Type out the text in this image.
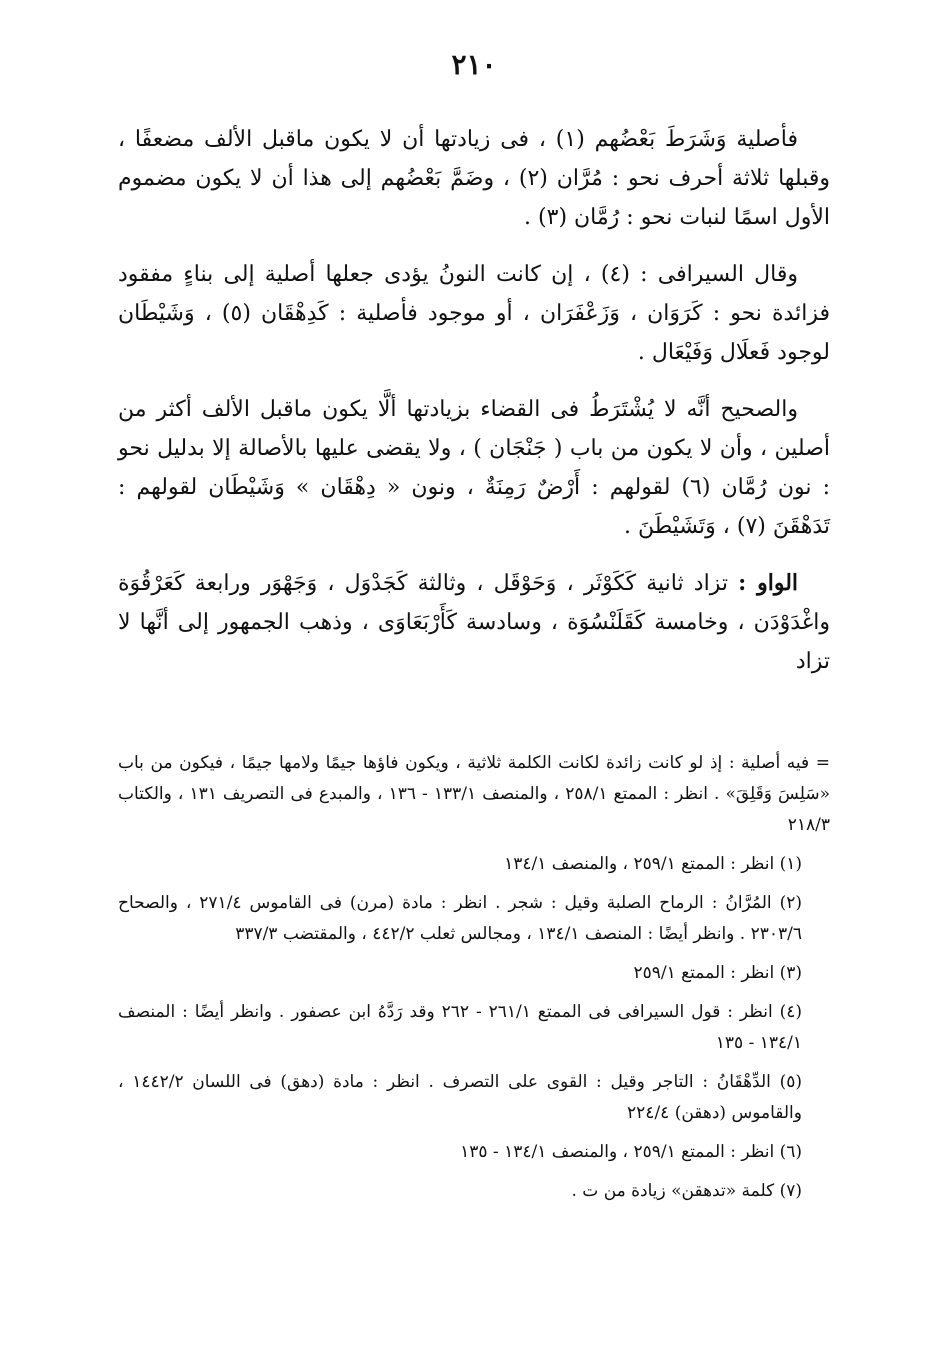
٢١٠

فأصلية وَشَرَطَ بَعْضُهم (١) ، فى زيادتها أن لا يكون ماقبل الألف مضعفًا ، وقبلها ثلاثة أحرف نحو : مُرَّان (٢) ، وضَمَّ بَعْضُهم إلى هذا أن لا يكون مضموم الأول اسمًا لنبات نحو : رُمَّان (٣) .

وقال السيرافى : (٤) ، إن كانت النونُ يؤدى جعلها أصلية إلى بناءٍ مفقود فزائدة نحو : كَرَوَان ، وَزَعْفَرَان ، أو موجود فأصلية : كَدِهْقَان (٥) ، وَشَيْطَان لوجود فَعلَال وَفَيْعَال .

والصحيح أنَّه لا يُشْتَرَطُ فى القضاء بزيادتها ألَّا يكون ماقبل الألف أكثر من أصلين ، وأن لا يكون من باب ( جَنْجَان ) ، ولا يقضى عليها بالأصالة إلا بدليل نحو : نون رُمَّان (٦) لقولهم : أَرْضٌ رَمِنَةٌ ، ونون « دِهْقَان » وَشَيْطَان لقولهم : تَدَهْقَنَ (٧) ، وَتَشَيْطَنَ .

الواو : تزاد ثانية كَكَوْثَر ، وَحَوْقَل ، وثالثة كَجَدْوَل ، وَجَهْوَر ورابعة كَعَرْقُوَة واغْدَوْدَن ، وخامسة كَقَلَنْسُوَة ، وسادسة كَأَرْبَعَاوَى ، وذهب الجمهور إلى أنَّها لا تزاد

= فيه أصلية : إذ لو كانت زائدة لكانت الكلمة ثلاثية ، ويكون فاؤها جيمًا ولامها جيمًا ، فيكون من باب «سَلِسَ وَقَلِقَ» . انظر : الممتع ٢٥٨/١ ، والمنصف ١٣٣/١ - ١٣٦ ، والمبدع فى التصريف ١٣١ ، والكتاب ٢١٨/٣

(١) انظر : الممتع ٢٥٩/١ ، والمنصف ١٣٤/١

(٢) المُرَّانُ : الرماح الصلبة وقيل : شجر . انظر : مادة (مرن) فى القاموس ٢٧١/٤ ، والصحاح ٢٣٠٣/٦ . وانظر أيضًا : المنصف ١٣٤/١ ، ومجالس ثعلب ٤٤٢/٢ ، والمقتضب ٣٣٧/٣

(٣) انظر : الممتع ٢٥٩/١

(٤) انظر : قول السيرافى فى الممتع ٢٦١/١ - ٢٦٢ وقد رَدَّهُ ابن عصفور . وانظر أيضًا : المنصف ١٣٤/١ - ١٣٥

(٥) الدِّهْقَانُ : التاجر وقيل : القوى على التصرف . انظر : مادة (دهق) فى اللسان ١٤٤٢/٢ ، والقاموس (دهقن) ٢٢٤/٤

(٦) انظر : الممتع ٢٥٩/١ ، والمنصف ١٣٤/١ - ١٣٥

(٧) كلمة «تدهقن» زيادة من ت .
